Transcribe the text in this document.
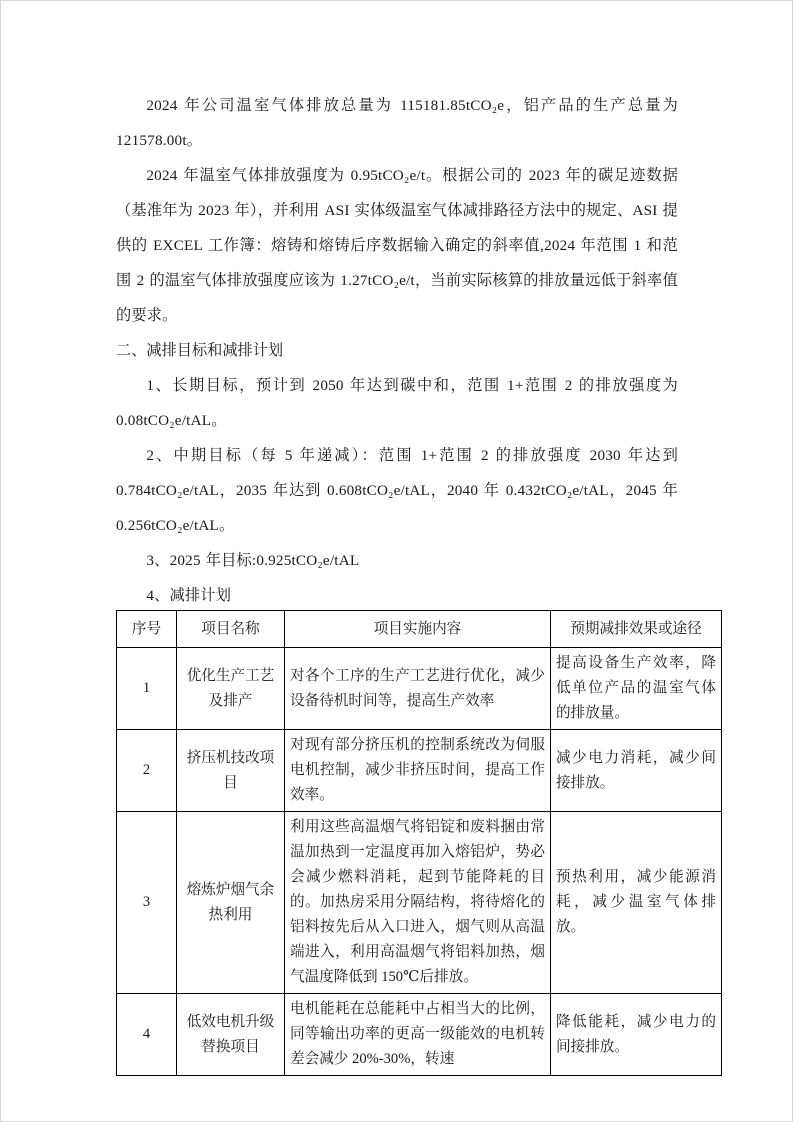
2024 年公司温室气体排放总量为 115181.85tCO₂e，铝产品的生产总量为 121578.00t。

2024 年温室气体排放强度为 0.95tCO₂e/t。根据公司的 2023 年的碳足迹数据（基准年为 2023 年），并利用 ASI 实体级温室气体减排路径方法中的规定、ASI 提供的 EXCEL 工作簿：熔铸和熔铸后序数据输入确定的斜率值,2024 年范围 1 和范围 2 的温室气体排放强度应该为 1.27tCO₂e/t，当前实际核算的排放量远低于斜率值的要求。

二、减排目标和减排计划

1、长期目标，预计到 2050 年达到碳中和，范围 1+范围 2 的排放强度为 0.08tCO₂e/tAL。

2、中期目标（每 5 年递减）：范围 1+范围 2 的排放强度 2030 年达到 0.784tCO₂e/tAL，2035 年达到 0.608tCO₂e/tAL，2040 年 0.432tCO₂e/tAL，2045 年 0.256tCO₂e/tAL。

3、2025 年目标:0.925tCO₂e/tAL

4、减排计划

序号	项目名称	项目实施内容	预期减排效果或途径
1	优化生产工艺及排产	对各个工序的生产工艺进行优化，减少设备待机时间等，提高生产效率	提高设备生产效率，降低单位产品的温室气体的排放量。
2	挤压机技改项目	对现有部分挤压机的控制系统改为伺服电机控制，减少非挤压时间，提高工作效率。	减少电力消耗，减少间接排放。
3	熔炼炉烟气余热利用	利用这些高温烟气将铝锭和废料捆由常温加热到一定温度再加入熔铝炉，势必会减少燃料消耗，起到节能降耗的目的。加热房采用分隔结构，将待熔化的铝料按先后从入口进入，烟气则从高温端进入，利用高温烟气将铝料加热，烟气温度降低到 150℃后排放。	预热利用，减少能源消耗，减少温室气体排放。
4	低效电机升级替换项目	电机能耗在总能耗中占相当大的比例，同等输出功率的更高一级能效的电机转差会减少 20%-30%，转速	降低能耗，减少电力的间接排放。
